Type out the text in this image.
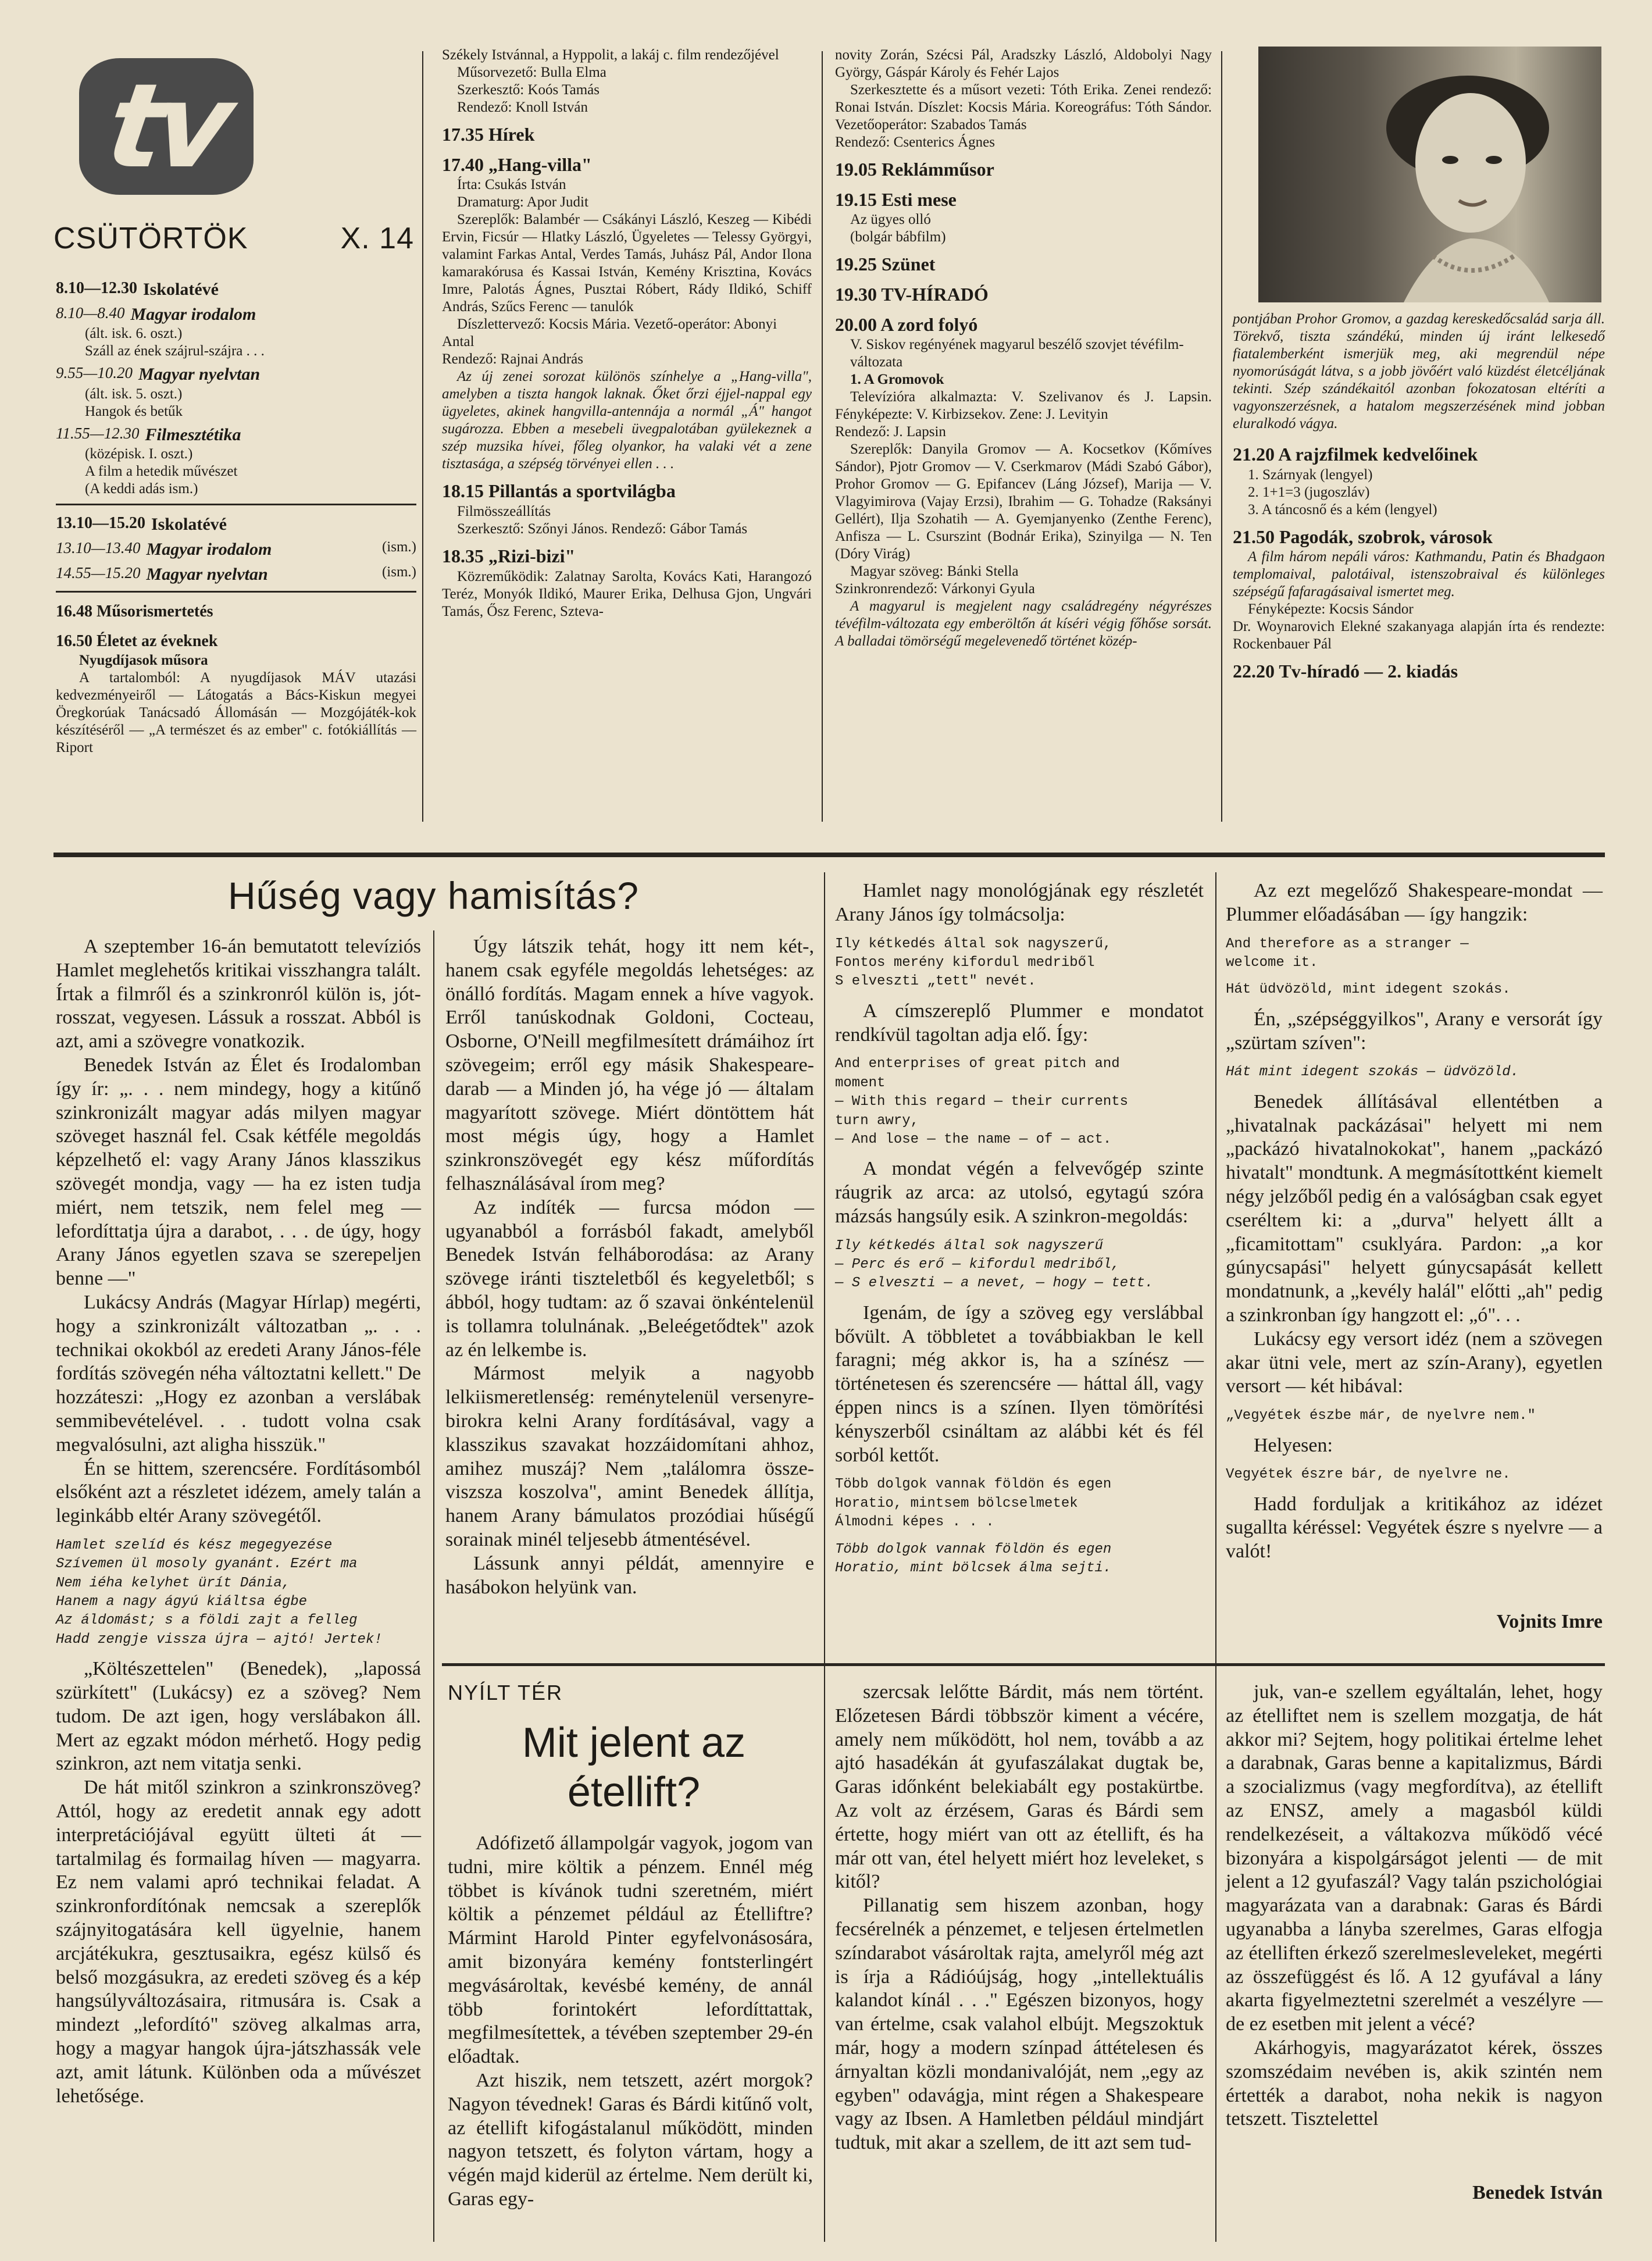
tv
CSÜTÖRTÖK	X. 14
8.10—12.30 Iskolatévé
8.10—8.40 Magyar irodalom
(ált. isk. 6. oszt.)
Száll az ének szájrul-szájra . . .
9.55—10.20 Magyar nyelvtan
(ált. isk. 5. oszt.)
Hangok és betűk
11.55—12.30 Filmesztétika
(középisk. I. oszt.)
A film a hetedik művészet
(A keddi adás ism.)
13.10—15.20 Iskolatévé
13.10—13.40 Magyar irodalom	(ism.)
14.55—15.20 Magyar nyelvtan	(ism.)
16.48 Műsorismertetés
16.50 Életet az éveknek
Nyugdíjasok műsora
A tartalomból: A nyugdíjasok MÁV utazási kedvezményeiről — Látogatás a Bács-Kiskun megyei Öregkorúak Tanácsadó Állomásán — Mozgójáték-kok készítéséről — „A természet és az ember" c. fotókiállítás — Riport
Székely Istvánnal, a Hyppolit, a lakáj c. film rendezőjével
Műsorvezető: Bulla Elma
Szerkesztő: Koós Tamás
Rendező: Knoll István
17.35 Hírek
17.40 „Hang-villa"
Írta: Csukás István
Dramaturg: Apor Judit
Szereplők: Balambér — Csákányi László, Keszeg — Kibédi Ervin, Ficsúr — Hlatky László, Ügyeletes — Telessy Györgyi, valamint Farkas Antal, Verdes Tamás, Juhász Pál, Andor Ilona kamarakórusa és Kassai István, Kemény Krisztina, Kovács Imre, Palotás Ágnes, Pusztai Róbert, Rády Ildikó, Schiff András, Szűcs Ferenc — tanulók
Díszlettervező: Kocsis Mária. Vezető-operátor: Abonyi Antal
Rendező: Rajnai András
Az új zenei sorozat különös színhelye a „Hang-villa", amelyben a tiszta hangok laknak. Őket őrzi éjjel-nappal egy ügyeletes, akinek hangvilla-antennája a normál „Á" hangot sugározza. Ebben a mesebeli üvegpalotában gyülekeznek a szép muzsika hívei, főleg olyankor, ha valaki vét a zene tisztasága, a szépség törvényei ellen . . .
18.15 Pillantás a sportvilágba
Filmösszeállítás
Szerkesztő: Szőnyi János. Rendező: Gábor Tamás
18.35 „Rizi-bizi"
Közreműködik: Zalatnay Sarolta, Kovács Kati, Harangozó Teréz, Monyók Ildikó, Maurer Erika, Delhusa Gjon, Ungvári Tamás, Ősz Ferenc, Szteva-
novity Zorán, Szécsi Pál, Aradszky László, Aldobolyi Nagy György, Gáspár Károly és Fehér Lajos
Szerkesztette és a műsort vezeti: Tóth Erika. Zenei rendező: Ronai István. Díszlet: Kocsis Mária. Koreográfus: Tóth Sándor. Vezetőoperátor: Szabados Tamás
Rendező: Csenterics Ágnes
19.05 Reklámműsor
19.15 Esti mese
Az ügyes olló
(bolgár bábfilm)
19.25 Szünet
19.30 TV-HÍRADÓ
20.00 A zord folyó
V. Siskov regényének magyarul beszélő szovjet tévéfilm-változata
1. A Gromovok
Televízióra alkalmazta: V. Szelivanov és J. Lapsin. Fényképezte: V. Kirbizsekov. Zene: J. Levityin
Rendező: J. Lapsin
Szereplők: Danyila Gromov — A. Kocsetkov (Kőmíves Sándor), Pjotr Gromov — V. Cserkmarov (Mádi Szabó Gábor), Prohor Gromov — G. Epifancev (Láng József), Marija — V. Vlagyimirova (Vajay Erzsi), Ibrahim — G. Tohadze (Raksányi Gellért), Ilja Szohatih — A. Gyemjanyenko (Zenthe Ferenc), Anfisza — L. Csurszint (Bodnár Erika), Szinyilga — N. Ten (Dóry Virág)
Magyar szöveg: Bánki Stella
Szinkronrendező: Várkonyi Gyula
A magyarul is megjelent nagy családregény négyrészes tévéfilm-változata egy emberöltőn át kíséri végig főhőse sorsát. A balladai tömörségű megelevenedő történet közép-
pontjában Prohor Gromov, a gazdag kereskedőcsalád sarja áll. Törekvő, tiszta szándékú, minden új iránt lelkesedő fiatalemberként ismerjük meg, aki megrendül népe nyomorúságát látva, s a jobb jövőért való küzdést életcéljának tekinti. Szép szándékaitól azonban fokozatosan eltéríti a vagyonszerzésnek, a hatalom megszerzésének mind jobban eluralkodó vágya.
21.20 A rajzfilmek kedvelőinek
1. Szárnyak (lengyel)
2. 1+1=3 (jugoszláv)
3. A táncosnő és a kém (lengyel)
21.50 Pagodák, szobrok, városok
A film három nepáli város: Kathmandu, Patin és Bhadgaon templomaival, palotáival, istenszobraival és különleges szépségű fafaragásaival ismertet meg.
Fényképezte: Kocsis Sándor
Dr. Woynarovich Elekné szakanyaga alapján írta és rendezte: Rockenbauer Pál
22.20 Tv-híradó — 2. kiadás
Hűség vagy hamisítás?

A szeptember 16-án bemutatott televíziós Hamlet meglehetős kritikai visszhangra talált. Írtak a filmről és a szinkronról külön is, jót-rosszat, vegyesen. Lássuk a rosszat. Abból is azt, ami a szövegre vonatkozik.

Benedek István az Élet és Irodalomban így ír: „. . . nem mindegy, hogy a kitűnő szinkronizált magyar adás milyen magyar szöveget használ fel. Csak kétféle megoldás képzelhető el: vagy Arany János klasszikus szövegét mondja, vagy — ha ez isten tudja miért, nem tetszik, nem felel meg — lefordíttatja újra a darabot, . . . de úgy, hogy Arany János egyetlen szava se szerepeljen benne —"

Lukácsy András (Magyar Hírlap) megérti, hogy a szinkronizált változatban „. . . technikai okokból az eredeti Arany János-féle fordítás szövegén néha változtatni kellett." De hozzáteszi: „Hogy ez azonban a verslábak semmibevételével. . . tudott volna csak megvalósulni, azt aligha hisszük."

Én se hittem, szerencsére. Fordításomból elsőként azt a részletet idézem, amely talán a leginkább eltér Arany szövegétől.

Hamlet szelíd és kész megegyezése
Szívemen ül mosoly gyanánt. Ezért ma
Nem iéha kelyhet ürít Dánia,
Hanem a nagy ágyú kiáltsa égbe
Az áldomást; s a földi zajt a felleg
Hadd zengje vissza újra — ajtó! Jertek!

„Költészettelen" (Benedek), „lapossá szürkített" (Lukácsy) ez a szöveg? Nem tudom. De azt igen, hogy verslábakon áll. Mert az egzakt módon mérhető. Hogy pedig szinkron, azt nem vitatja senki.

De hát mitől szinkron a szinkronszöveg? Attól, hogy az eredetit annak egy adott interpretációjával együtt ülteti át — tartalmilag és formailag híven — magyarra. Ez nem valami apró technikai feladat. A szinkronfordítónak nemcsak a szereplők szájnyitogatására kell ügyelnie, hanem arcjátékukra, gesztusaikra, egész külső és belső mozgásukra, az eredeti szöveg és a kép hangsúlyváltozásaira, ritmusára is. Csak a mindezt „lefordító" szöveg alkalmas arra, hogy a magyar hangok újra-játszhassák vele azt, amit látunk. Különben oda a művészet lehetősége.

Úgy látszik tehát, hogy itt nem két-, hanem csak egyféle megoldás lehetséges: az önálló fordítás. Magam ennek a híve vagyok. Erről tanúskodnak Goldoni, Cocteau, Osborne, O'Neill megfilmesített drámáihoz írt szövegeim; erről egy másik Shakespeare-darab — a Minden jó, ha vége jó — általam magyarított szövege. Miért döntöttem hát most mégis úgy, hogy a Hamlet szinkronszövegét egy kész műfordítás felhasználásával írom meg?

Az indíték — furcsa módon — ugyanabból a forrásból fakadt, amelyből Benedek István felháborodása: az Arany szövege iránti tiszteletből és kegyeletből; s ábból, hogy tudtam: az ő szavai önkéntelenül is tollamra tolulnának. „Beleégetődtek" azok az én lelkembe is.

Mármost melyik a nagyobb lelkiismeretlenség: reménytelenül versenyre-birokra kelni Arany fordításával, vagy a klasszikus szavakat hozzáidomítani ahhoz, amihez muszáj? Nem „találomra össze-viszsza koszolva", amint Benedek állítja, hanem Arany bámulatos prozódiai hűségű sorainak minél teljesebb átmentésével.

Lássunk annyi példát, amennyire e hasábokon helyünk van.

Hamlet nagy monológjának egy részletét Arany János így tolmácsolja:

Ily kétkedés által sok nagyszerű,
Fontos merény kifordul medriből
S elveszti „tett" nevét.

A címszereplő Plummer e mondatot rendkívül tagoltan adja elő. Így:

And enterprises of great pitch and
moment
— With this regard — their currents
turn awry,
— And lose — the name — of — act.

A mondat végén a felvevőgép szinte ráugrik az arca: az utolsó, egytagú szóra mázsás hangsúly esik. A szinkron-megoldás:

Ily kétkedés által sok nagyszerű
— Perc és erő — kifordul medriből,
— S elveszti — a nevet, — hogy — tett.

Igenám, de így a szöveg egy verslábbal bővült. A többletet a továbbiakban le kell faragni; még akkor is, ha a színész — történetesen és szerencsére — háttal áll, vagy éppen nincs is a színen. Ilyen tömörítési kényszerből csináltam az alábbi két és fél sorból kettőt.

Több dolgok vannak földön és egen
Horatio, mintsem bölcselmetek
Álmodni képes . . .
Több dolgok vannak földön és egen
Horatio, mint bölcsek álma sejti.

Az ezt megelőző Shakespeare-mondat — Plummer előadásában — így hangzik:

And therefore as a stranger —
welcome it.
Hát üdvözöld, mint idegent szokás.

Én, „szépséggyilkos", Arany e versorát így „szürtam szíven":

Hát mint idegent szokás — üdvözöld.

Benedek állításával ellentétben a „hivatalnak packázásai" helyett mi nem „packázó hivatalnokokat", hanem „packázó hivatalt" mondtunk. A megmásítottként kiemelt négy jelzőből pedig én a valóságban csak egyet cseréltem ki: a „durva" helyett állt a „ficamitottam" csuklyára. Pardon: „a kor gúnycsapási" helyett gúnycsapását kellett mondatnunk, a „kevély halál" előtti „ah" pedig a szinkronban így hangzott el: „ó". . .

Lukácsy egy versort idéz (nem a szövegen akar ütni vele, mert az szín-Arany), egyetlen versort — két hibával:

„Vegyétek észbe már, de nyelvre nem."

Helyesen:

Vegyétek észre bár, de nyelvre ne.

Hadd forduljak a kritikához az idézet sugallta kéréssel: Vegyétek észre s nyelvre — a valót!

Vojnits Imre
NYÍLT TÉR
Mit jelent az étellift?

Adófizető állampolgár vagyok, jogom van tudni, mire költik a pénzem. Ennél még többet is kívánok tudni szeretném, miért költik a pénzemet például az Ételliftre? Mármint Harold Pinter egyfelvonásosára, amit bizonyára kemény fontsterlingért megvásároltak, kevésbé kemény, de annál több forintokért lefordíttattak, megfilmesítettek, a tévében szeptember 29-én előadtak.

Azt hiszik, nem tetszett, azért morgok? Nagyon tévednek! Garas és Bárdi kitűnő volt, az étellift kifogástalanul működött, minden nagyon tetszett, és folyton vártam, hogy a végén majd kiderül az értelme. Nem derült ki, Garas egy-

szercsak lelőtte Bárdit, más nem történt. Előzetesen Bárdi többször kiment a vécére, amely nem működött, hol nem, tovább a az ajtó hasadékán át gyufaszálakat dugtak be, Garas időnként belekiabált egy postakürtbe. Az volt az érzésem, Garas és Bárdi sem értette, hogy miért van ott az étellift, és ha már ott van, étel helyett miért hoz leveleket, s kitől?

Pillanatig sem hiszem azonban, hogy fecsérelnék a pénzemet, e teljesen értelmetlen színdarabot vásároltak rajta, amelyről még azt is írja a Rádióújság, hogy „intellektuális kalandot kínál . . ." Egészen bizonyos, hogy van értelme, csak valahol elbújt. Megszoktuk már, hogy a modern színpad áttételesen és árnyaltan közli mondanivalóját, nem „egy az egyben" odavágja, mint régen a Shakespeare vagy az Ibsen. A Hamletben például mindjárt tudtuk, mit akar a szellem, de itt azt sem tud-

juk, van-e szellem egyáltalán, lehet, hogy az ételliftet nem is szellem mozgatja, de hát akkor mi? Sejtem, hogy politikai értelme lehet a darabnak, Garas benne a kapitalizmus, Bárdi a szocializmus (vagy megfordítva), az étellift az ENSZ, amely a magasból küldi rendelkezéseit, a váltakozva működő vécé bizonyára a kispolgárságot jelenti — de mit jelent a 12 gyufaszál? Vagy talán pszichológiai magyarázata van a darabnak: Garas és Bárdi ugyanabba a lányba szerelmes, Garas elfogja az ételliften érkező szerelmesleveleket, megérti az összefüggést és lő. A 12 gyufával a lány akarta figyelmeztetni szerelmét a veszélyre — de ez esetben mit jelent a vécé?

Akárhogyis, magyarázatot kérek, összes szomszédaim nevében is, akik szintén nem értették a darabot, noha nekik is nagyon tetszett. Tisztelettel

Benedek István
